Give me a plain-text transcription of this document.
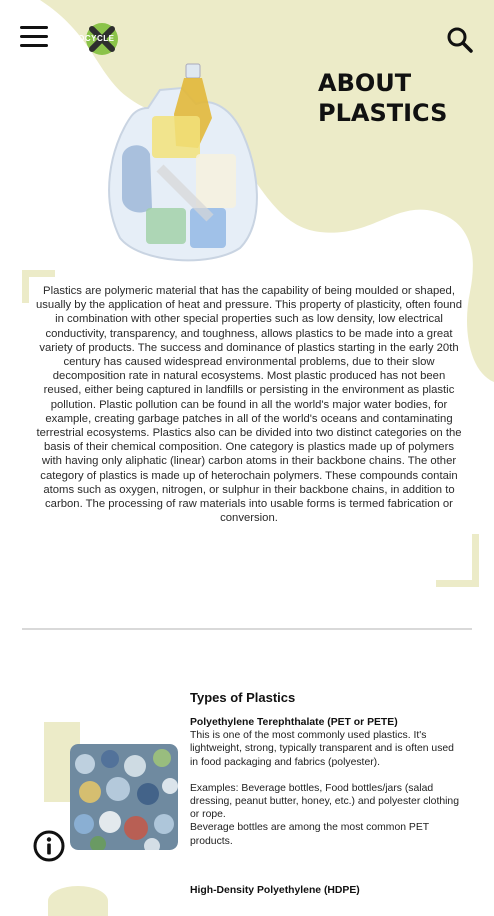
PROCYCLE
ABOUT
PLASTICS

Plastics are polymeric material that has the capability of being moulded or shaped, usually by the application of heat and pressure. This property of plasticity, often found in combination with other special properties such as low density, low electrical conductivity, transparency, and toughness, allows plastics to be made into a great variety of products. The success and dominance of plastics starting in the early 20th century has caused widespread environmental problems, due to their slow decomposition rate in natural ecosystems. Most plastic produced has not been reused, either being captured in landfills or persisting in the environment as plastic pollution. Plastic pollution can be found in all the world's major water bodies, for example, creating garbage patches in all of the world's oceans and contaminating terrestrial ecosystems. Plastics also can be divided into two distinct categories on the basis of their chemical composition. One category is plastics made up of polymers with having only aliphatic (linear) carbon atoms in their backbone chains. The other category of plastics is made up of heterochain polymers. These compounds contain atoms such as oxygen, nitrogen, or sulphur in their backbone chains, in addition to carbon. The processing of raw materials into usable forms is termed fabrication or conversion.

Types of Plastics

Polyethylene Terephthalate (PET or PETE)

This is one of the most commonly used plastics. It's lightweight, strong, typically transparent and is often used in food packaging and fabrics (polyester).

Examples: Beverage bottles, Food bottles/jars (salad dressing, peanut butter, honey, etc.) and polyester clothing or rope.

Beverage bottles are among the most common PET products.

High-Density Polyethylene (HDPE)
